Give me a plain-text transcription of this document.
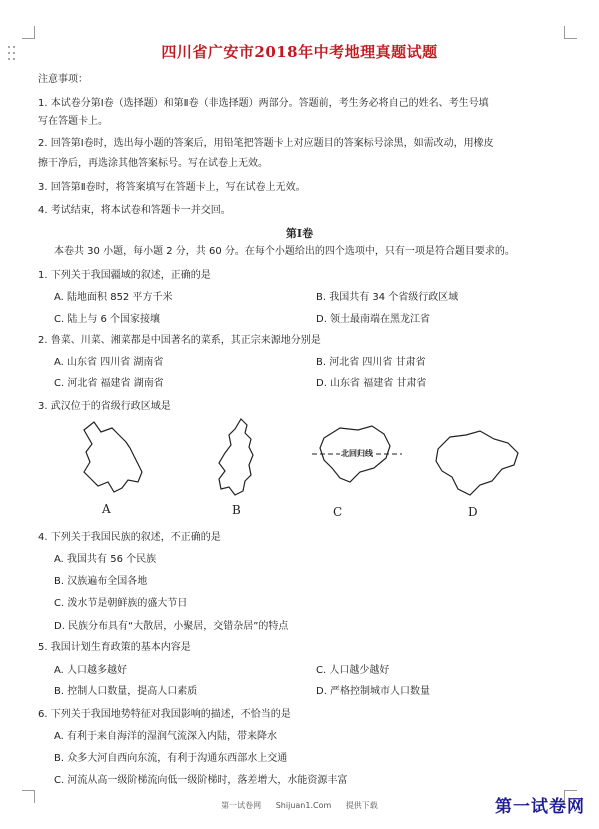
四川省广安市2018年中考地理真题试题
注意事项：
1. 本试卷分第Ⅰ卷（选择题）和第Ⅱ卷（非选择题）两部分。答题前，考生务必将自己的姓名、考生号填
写在答题卡上。
2. 回答第Ⅰ卷时，选出每小题的答案后，用铅笔把答题卡上对应题目的答案标号涂黑，如需改动，用橡皮
擦干净后，再选涂其他答案标号。写在试卷上无效。
3. 回答第Ⅱ卷时，将答案填写在答题卡上，写在试卷上无效。
4. 考试结束，将本试卷和答题卡一并交回。
第Ⅰ卷
本卷共 30 小题，每小题 2 分，共 60 分。在每个小题给出的四个选项中，只有一项是符合题目要求的。
1. 下列关于我国疆域的叙述，正确的是
A. 陆地面积 852 平方千米	B. 我国共有 34 个省级行政区域
C. 陆上与 6 个国家接壤	D. 领土最南端在黑龙江省
2. 鲁菜、川菜、湘菜都是中国著名的菜系，其正宗来源地分别是
A. 山东省 四川省 湖南省	B. 河北省 四川省 甘肃省
C. 河北省 福建省 湖南省	D. 山东省 福建省 甘肃省
3. 武汉位于的省级行政区域是
A	B
北回归线
C	D
4. 下列关于我国民族的叙述，不正确的是
A. 我国共有 56 个民族
B. 汉族遍布全国各地
C. 泼水节是朝鲜族的盛大节日
D. 民族分布具有“大散居，小聚居，交错杂居”的特点
5. 我国计划生育政策的基本内容是
A. 人口越多越好	C. 人口越少越好
B. 控制人口数量，提高人口素质	D. 严格控制城市人口数量
6. 下列关于我国地势特征对我国影响的描述，不恰当的是
A. 有利于来自海洋的湿润气流深入内陆，带来降水
B. 众多大河自西向东流，有利于沟通东西部水上交通
C. 河流从高一级阶梯流向低一级阶梯时，落差增大，水能资源丰富
第一试卷网 Shijuan1.Com 提供下载	第一试卷网
